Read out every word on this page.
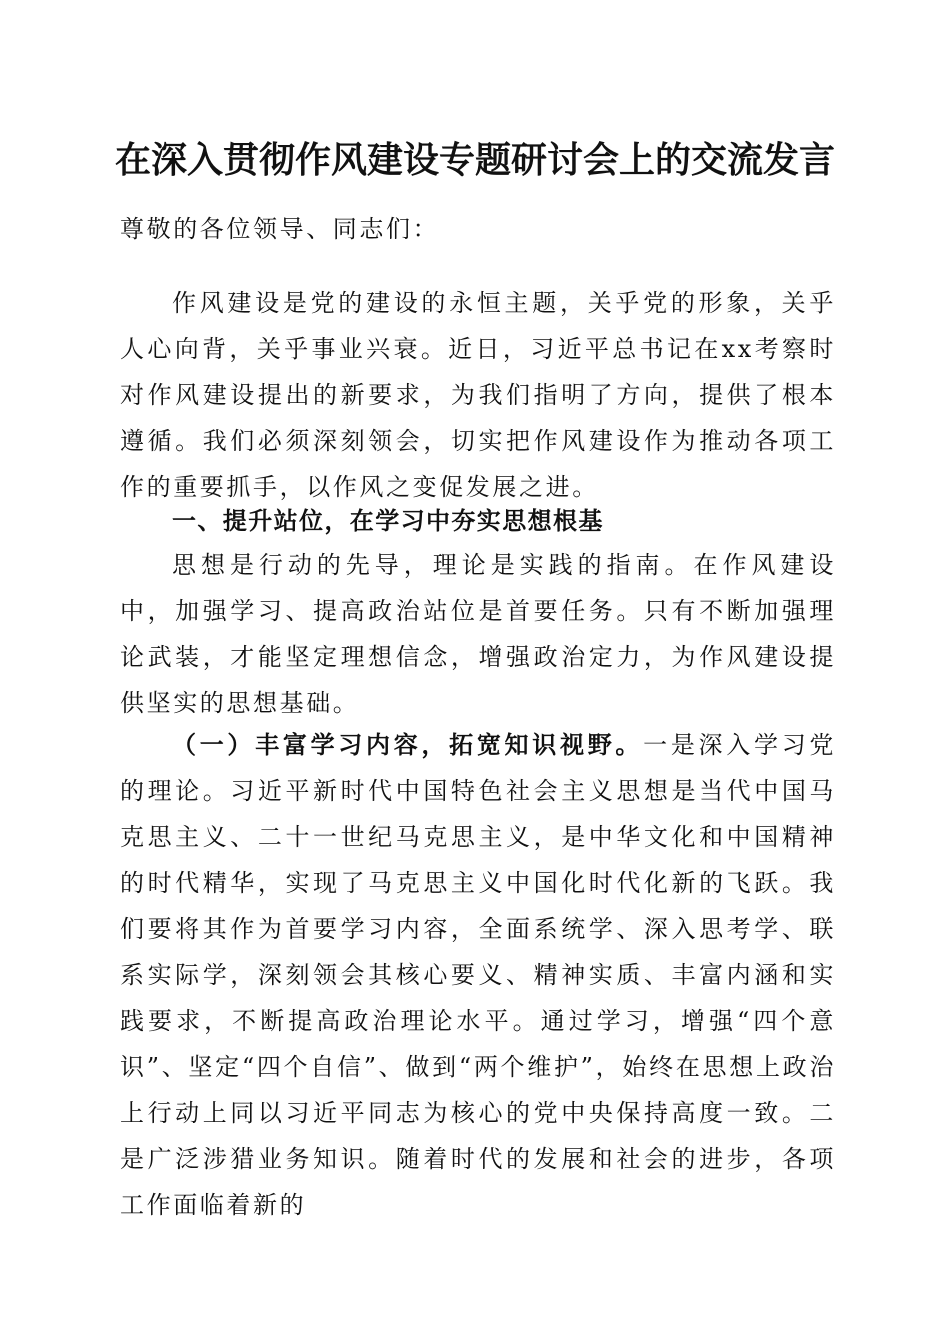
在深入贯彻作风建设专题研讨会上的交流发言

尊敬的各位领导、同志们：

作风建设是党的建设的永恒主题，关乎党的形象，关乎人心向背，关乎事业兴衰。近日，习近平总书记在xx考察时对作风建设提出的新要求，为我们指明了方向，提供了根本遵循。我们必须深刻领会，切实把作风建设作为推动各项工作的重要抓手，以作风之变促发展之进。

一、提升站位，在学习中夯实思想根基

思想是行动的先导，理论是实践的指南。在作风建设中，加强学习、提高政治站位是首要任务。只有不断加强理论武装，才能坚定理想信念，增强政治定力，为作风建设提供坚实的思想基础。

（一）丰富学习内容，拓宽知识视野。一是深入学习党的理论。习近平新时代中国特色社会主义思想是当代中国马克思主义、二十一世纪马克思主义，是中华文化和中国精神的时代精华，实现了马克思主义中国化时代化新的飞跃。我们要将其作为首要学习内容，全面系统学、深入思考学、联系实际学，深刻领会其核心要义、精神实质、丰富内涵和实践要求，不断提高政治理论水平。通过学习，增强“四个意识”、坚定“四个自信”、做到“两个维护”，始终在思想上政治上行动上同以习近平同志为核心的党中央保持高度一致。二是广泛涉猎业务知识。随着时代的发展和社会的进步，各项工作面临着新的
